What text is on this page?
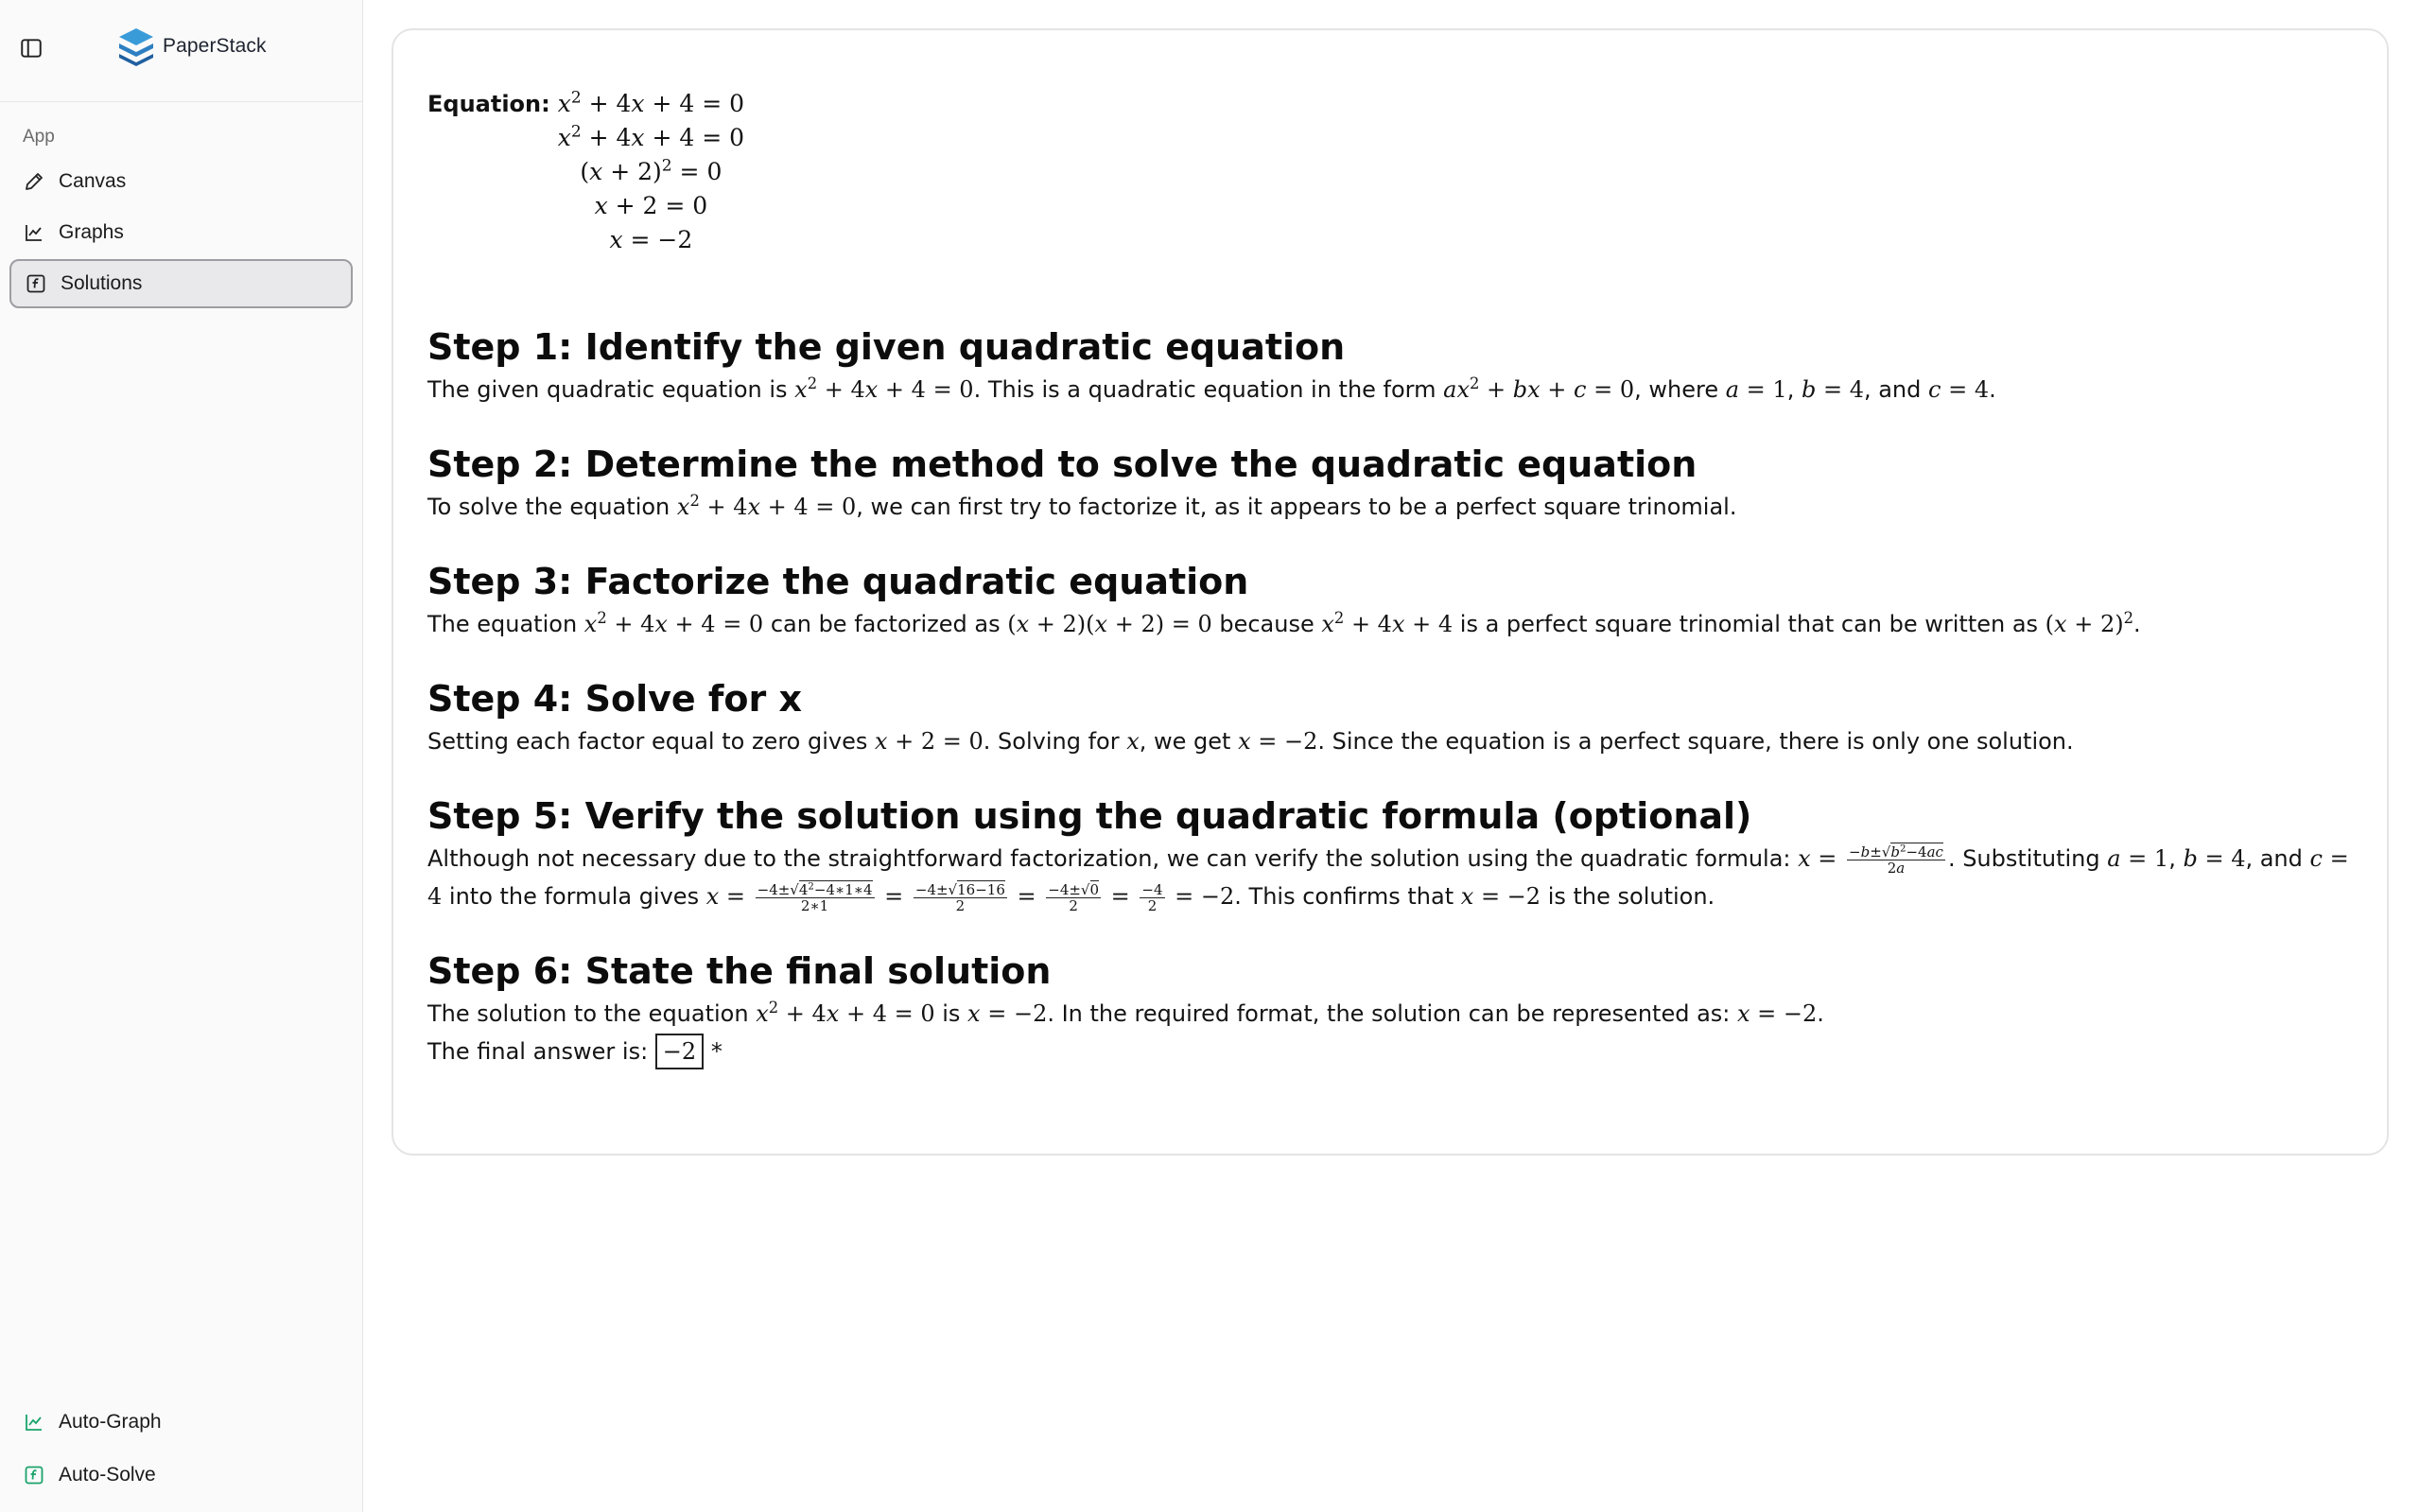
PaperStack
App
Canvas
Graphs
Solutions
Auto-Graph
Auto-Solve
Equation: $x^2 + 4x + 4 = 0$
$x^2 + 4x + 4 = 0$
$(x + 2)^2 = 0$
x + 2 = 0
x = −2
Step 1: Identify the given quadratic equation

The given quadratic equation is $x^2 + 4x + 4 = 0$. This is a quadratic equation in the form $ax^2$ + bx + c = 0, where a = 1, b = 4, and c = 4.

Step 2: Determine the method to solve the quadratic equation

To solve the equation $x^2 + 4x + 4 = 0$, we can first try to factorize it, as it appears to be a perfect square trinomial.

Step 3: Factorize the quadratic equation

The equation $x^2 + 4x + 4 = 0$ can be factorized as (x + 2)(x + 2) = 0 because $x^2 + 4x + 4$ is a perfect square trinomial that can be written as $(x + 2)^2$.

Step 4: Solve for x

Setting each factor equal to zero gives x + 2 = 0. Solving for x, we get x = −2. Since the equation is a perfect square, there is only one solution.

Step 5: Verify the solution using the quadratic formula (optional)

Although not necessary due to the straightforward factorization, we can verify the solution using the quadratic formula: $x = \frac{-b\pm√b^2-4ac}{2a}$ . Substituting a = 1, b = 4, and c = 4 into the formula gives $x = \frac{-4\pm√4^2-4∗1∗4}{2∗1} = \frac{-4\pm√16-16}{2} = \frac{-4\pm√0}{2} = \frac{-4}{2} = -2$. This confirms that x = −2 is the solution.

Step 6: State the final solution

The solution to the equation $x^2 + 4x + 4 = 0$ is x = −2. In the required format, the solution can be represented as: x = −2.
The final answer is: −2 *
